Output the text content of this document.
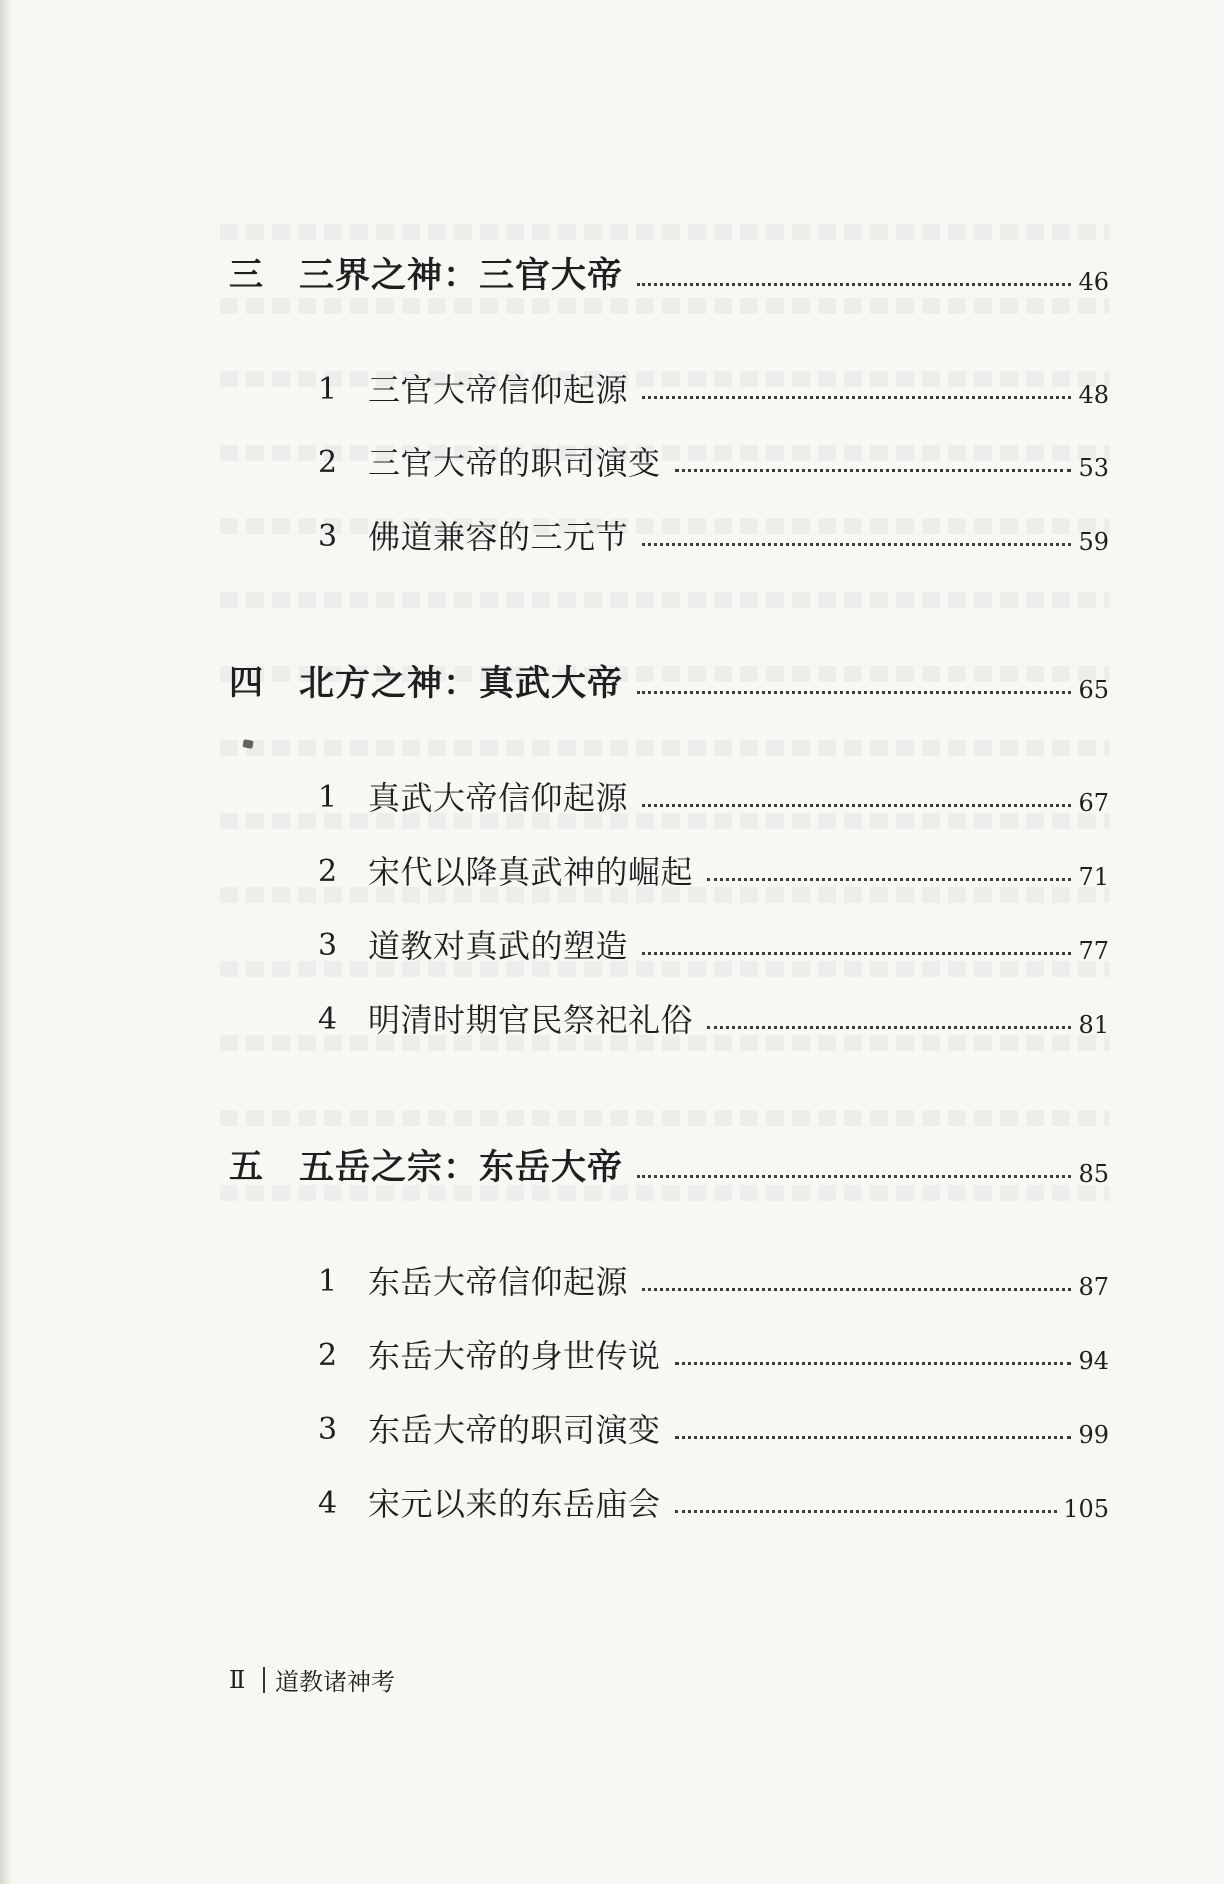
三	三界之神：三官大帝	46
1 三官大帝信仰起源	48
2 三官大帝的职司演变	53
3 佛道兼容的三元节	59
四	北方之神：真武大帝	65
1 真武大帝信仰起源	67
2 宋代以降真武神的崛起	71
3 道教对真武的塑造	77
4 明清时期官民祭祀礼俗	81
五	五岳之宗：东岳大帝	85
1 东岳大帝信仰起源	87
2 东岳大帝的身世传说	94
3 东岳大帝的职司演变	99
4 宋元以来的东岳庙会	105
Ⅱ	道教诸神考
